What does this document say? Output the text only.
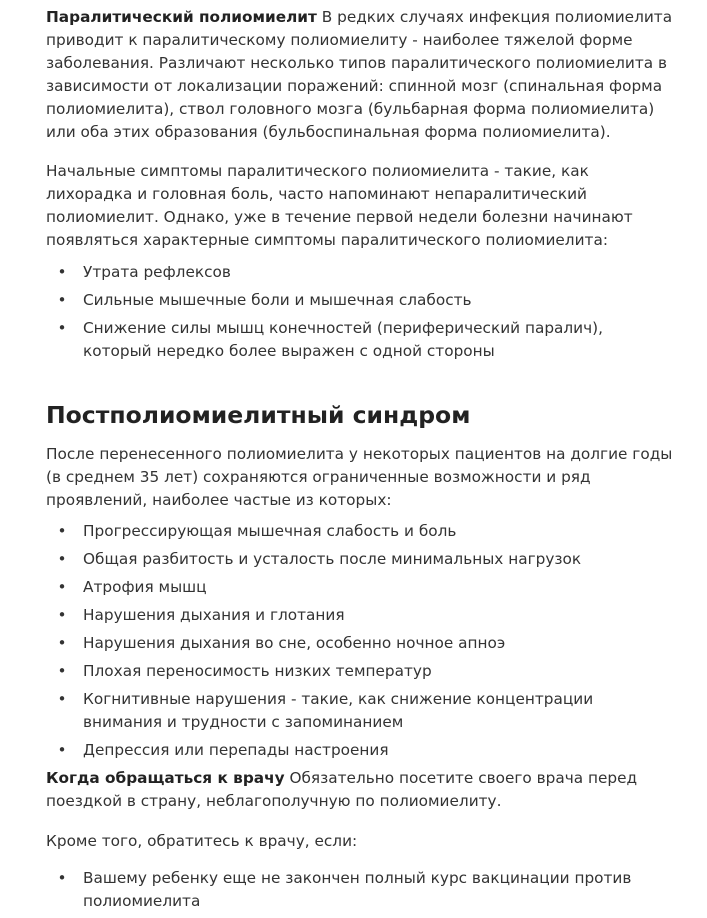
Паралитический полиомиелит В редких случаях инфекция полиомиелита приводит к паралитическому полиомиелиту - наиболее тяжелой форме заболевания. Различают несколько типов паралитического полиомиелита в зависимости от локализации поражений: спинной мозг (спинальная форма полиомиелита), ствол головного мозга (бульбарная форма полиомиелита) или оба этих образования (бульбоспинальная форма полиомиелита).

Начальные симптомы паралитического полиомиелита - такие, как лихорадка и головная боль, часто напоминают непаралитический полиомиелит. Однако, уже в течение первой недели болезни начинают появляться характерные симптомы паралитического полиомиелита:

• Утрата рефлексов
• Сильные мышечные боли и мышечная слабость
• Снижение силы мышц конечностей (периферический паралич), который нередко более выражен с одной стороны
Постполиомиелитный синдром

После перенесенного полиомиелита у некоторых пациентов на долгие годы (в среднем 35 лет) сохраняются ограниченные возможности и ряд проявлений, наиболее частые из которых:

• Прогрессирующая мышечная слабость и боль
• Общая разбитость и усталость после минимальных нагрузок
• Атрофия мышц
• Нарушения дыхания и глотания
• Нарушения дыхания во сне, особенно ночное апноэ
• Плохая переносимость низких температур
• Когнитивные нарушения - такие, как снижение концентрации внимания и трудности с запоминанием
• Депрессия или перепады настроения

Когда обращаться к врачу Обязательно посетите своего врача перед поездкой в страну, неблагополучную по полиомиелиту.

Кроме того, обратитесь к врачу, если:

• Вашему ребенку еще не закончен полный курс вакцинации против полиомиелита
